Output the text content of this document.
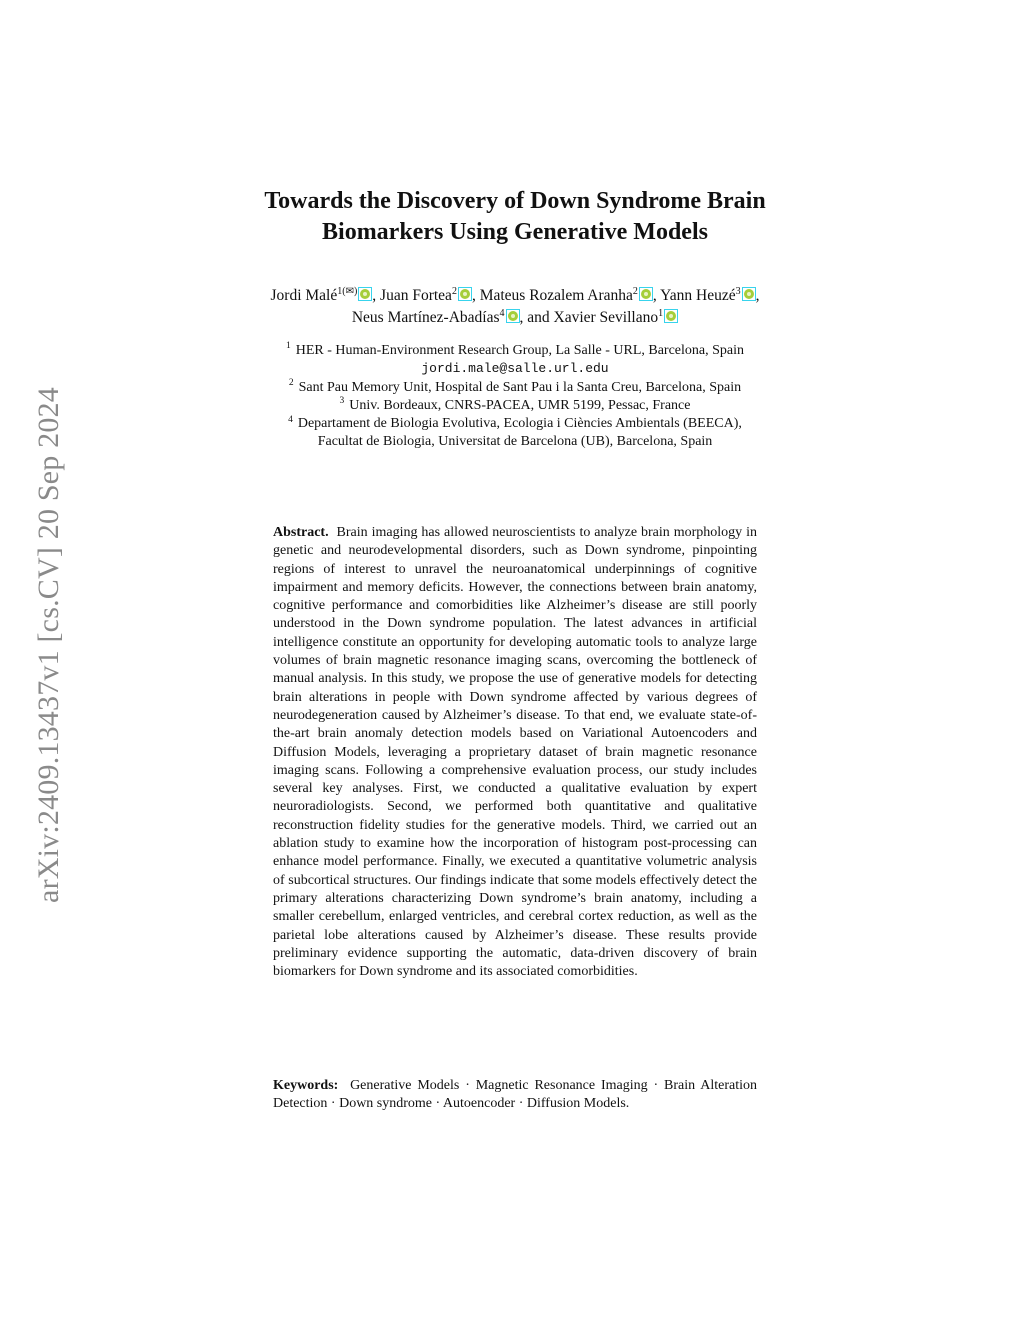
arXiv:2409.13437v1 [cs.CV] 20 Sep 2024
Towards the Discovery of Down Syndrome Brain
Biomarkers Using Generative Models
Jordi Malé$^{1(✉)}$ , Juan Fortea$^2$ , Mateus Rozalem Aranha$^2$ , Yann Heuzé$^3$ ,
Neus Martínez-Abadías$^4$ , and Xavier Sevillano$^1$
$^1$ HER - Human-Environment Research Group, La Salle - URL, Barcelona, Spain
jordi.male@salle.url.edu
$^2$ Sant Pau Memory Unit, Hospital de Sant Pau i la Santa Creu, Barcelona, Spain
$^3$ Univ. Bordeaux, CNRS-PACEA, UMR 5199, Pessac, France
$^4$ Departament de Biologia Evolutiva, Ecologia i Ciències Ambientals (BEECA),
Facultat de Biologia, Universitat de Barcelona (UB), Barcelona, Spain
Abstract. Brain imaging has allowed neuroscientists to analyze brain morphology in genetic and neurodevelopmental disorders, such as Down syndrome, pinpointing regions of interest to unravel the neuroanatomical underpinnings of cognitive impairment and memory deficits. However, the connections between brain anatomy, cognitive performance and comorbidities like Alzheimer’s disease are still poorly understood in the Down syndrome population. The latest advances in artificial intelligence constitute an opportunity for developing automatic tools to analyze large volumes of brain magnetic resonance imaging scans, overcoming the bottleneck of manual analysis. In this study, we propose the use of generative models for detecting brain alterations in people with Down syndrome affected by various degrees of neurodegeneration caused by Alzheimer’s disease. To that end, we evaluate state-of-the-art brain anomaly detection models based on Variational Autoencoders and Diffusion Models, leveraging a proprietary dataset of brain magnetic resonance imaging scans. Following a comprehensive evaluation process, our study includes several key analyses. First, we conducted a qualitative evaluation by expert neuroradiologists. Second, we performed both quantitative and qualitative reconstruction fidelity studies for the generative models. Third, we carried out an ablation study to examine how the incorporation of histogram post-processing can enhance model performance. Finally, we executed a quantitative volumetric analysis of subcortical structures. Our findings indicate that some models effectively detect the primary alterations characterizing Down syndrome’s brain anatomy, including a smaller cerebellum, enlarged ventricles, and cerebral cortex reduction, as well as the parietal lobe alterations caused by Alzheimer’s disease. These results provide preliminary evidence supporting the automatic, data-driven discovery of brain biomarkers for Down syndrome and its associated comorbidities.
Keywords: Generative Models · Magnetic Resonance Imaging · Brain Alteration Detection · Down syndrome · Autoencoder · Diffusion Models.
